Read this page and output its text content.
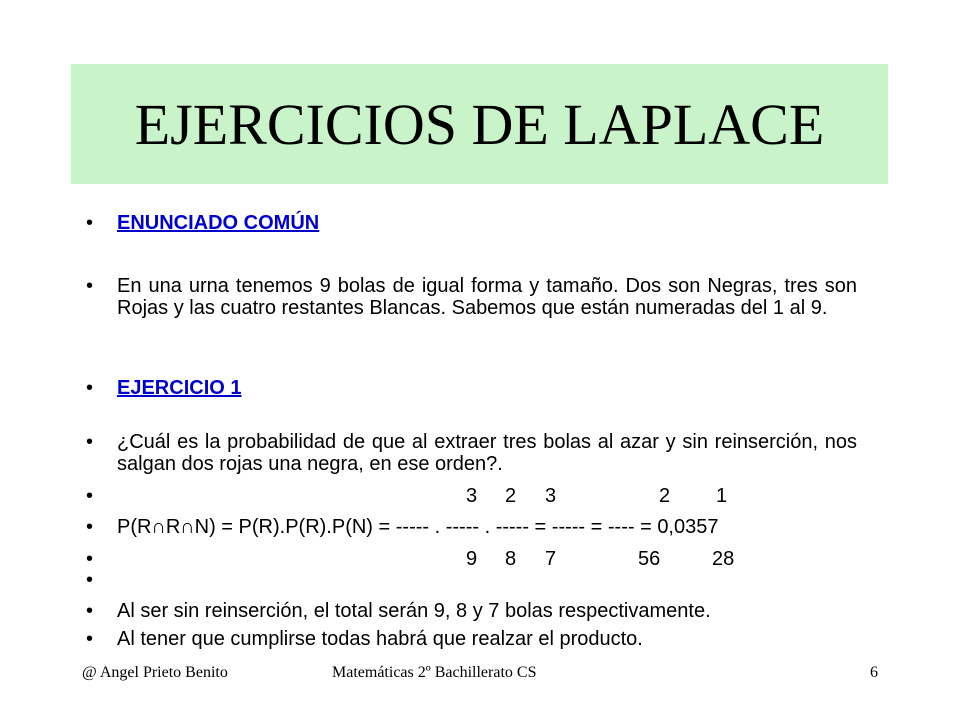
EJERCICIOS DE LAPLACE
• ENUNCIADO COMÚN
• En una urna tenemos 9 bolas de igual forma y tamaño. Dos son Negras, tres son Rojas y las cuatro restantes Blancas. Sabemos que están numeradas del 1 al 9.
• EJERCICIO 1
• ¿Cuál es la probabilidad de que al extraer tres bolas al azar y sin reinserción, nos salgan dos rojas una negra, en ese orden?.
•	3 2 3	2 1
• P(R∩R∩N) = P(R).P(R).P(N) = ----- . ----- . ----- = ----- = ---- = 0,0357
•	9 8 7	56	28
•
• Al ser sin reinserción, el total serán 9, 8 y 7 bolas respectivamente.
• Al tener que cumplirse todas habrá que realzar el producto.
@ Angel Prieto Benito	Matemáticas 2º Bachillerato CS	6
